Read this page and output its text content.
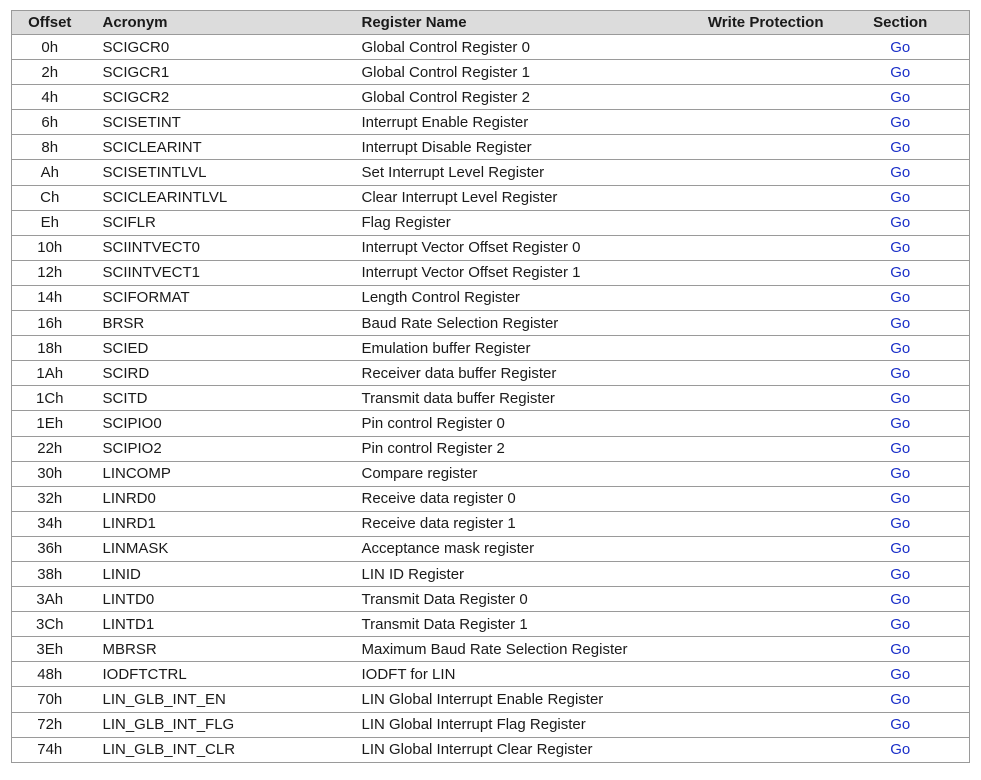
Offset	Acronym	Register Name	Write Protection	Section
0h	SCIGCR0	Global Control Register 0		Go
2h	SCIGCR1	Global Control Register 1		Go
4h	SCIGCR2	Global Control Register 2		Go
6h	SCISETINT	Interrupt Enable Register		Go
8h	SCICLEARINT	Interrupt Disable Register		Go
Ah	SCISETINTLVL	Set Interrupt Level Register		Go
Ch	SCICLEARINTLVL	Clear Interrupt Level Register		Go
Eh	SCIFLR	Flag Register		Go
10h	SCIINTVECT0	Interrupt Vector Offset Register 0		Go
12h	SCIINTVECT1	Interrupt Vector Offset Register 1		Go
14h	SCIFORMAT	Length Control Register		Go
16h	BRSR	Baud Rate Selection Register		Go
18h	SCIED	Emulation buffer Register		Go
1Ah	SCIRD	Receiver data buffer Register		Go
1Ch	SCITD	Transmit data buffer Register		Go
1Eh	SCIPIO0	Pin control Register 0		Go
22h	SCIPIO2	Pin control Register 2		Go
30h	LINCOMP	Compare register		Go
32h	LINRD0	Receive data register 0		Go
34h	LINRD1	Receive data register 1		Go
36h	LINMASK	Acceptance mask register		Go
38h	LINID	LIN ID Register		Go
3Ah	LINTD0	Transmit Data Register 0		Go
3Ch	LINTD1	Transmit Data Register 1		Go
3Eh	MBRSR	Maximum Baud Rate Selection Register		Go
48h	IODFTCTRL	IODFT for LIN		Go
70h	LIN_GLB_INT_EN	LIN Global Interrupt Enable Register		Go
72h	LIN_GLB_INT_FLG	LIN Global Interrupt Flag Register		Go
74h	LIN_GLB_INT_CLR	LIN Global Interrupt Clear Register		Go
